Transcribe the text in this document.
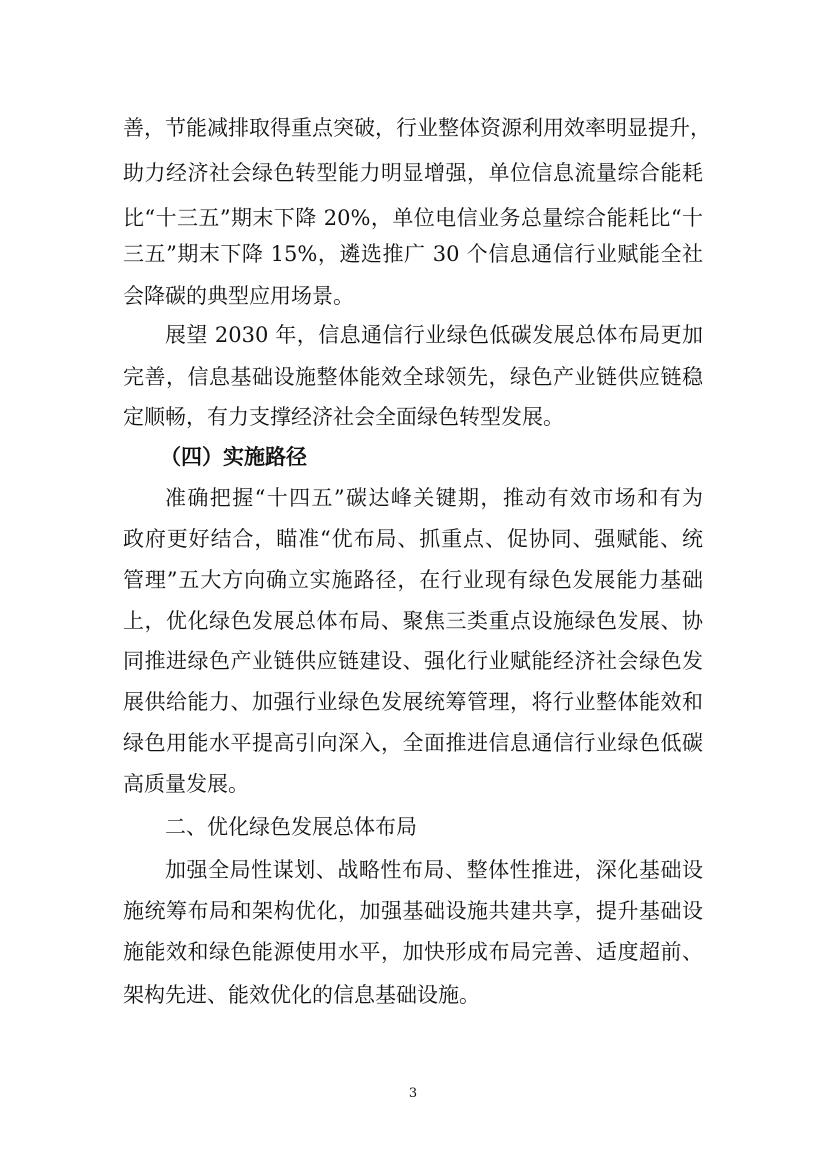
善，节能减排取得重点突破，行业整体资源利用效率明显提升，
助力经济社会绿色转型能力明显增强，单位信息流量综合能耗
比“十三五”期末下降 20%，单位电信业务总量综合能耗比“十
三五”期末下降 15%，遴选推广 30 个信息通信行业赋能全社
会降碳的典型应用场景。
展望 2030 年，信息通信行业绿色低碳发展总体布局更加
完善，信息基础设施整体能效全球领先，绿色产业链供应链稳
定顺畅，有力支撑经济社会全面绿色转型发展。
（四）实施路径
准确把握“十四五”碳达峰关键期，推动有效市场和有为
政府更好结合，瞄准“优布局、抓重点、促协同、强赋能、统
管理”五大方向确立实施路径，在行业现有绿色发展能力基础
上，优化绿色发展总体布局、聚焦三类重点设施绿色发展、协
同推进绿色产业链供应链建设、强化行业赋能经济社会绿色发
展供给能力、加强行业绿色发展统筹管理，将行业整体能效和
绿色用能水平提高引向深入，全面推进信息通信行业绿色低碳
高质量发展。
二、优化绿色发展总体布局
加强全局性谋划、战略性布局、整体性推进，深化基础设
施统筹布局和架构优化，加强基础设施共建共享，提升基础设
施能效和绿色能源使用水平，加快形成布局完善、适度超前、
架构先进、能效优化的信息基础设施。
3
